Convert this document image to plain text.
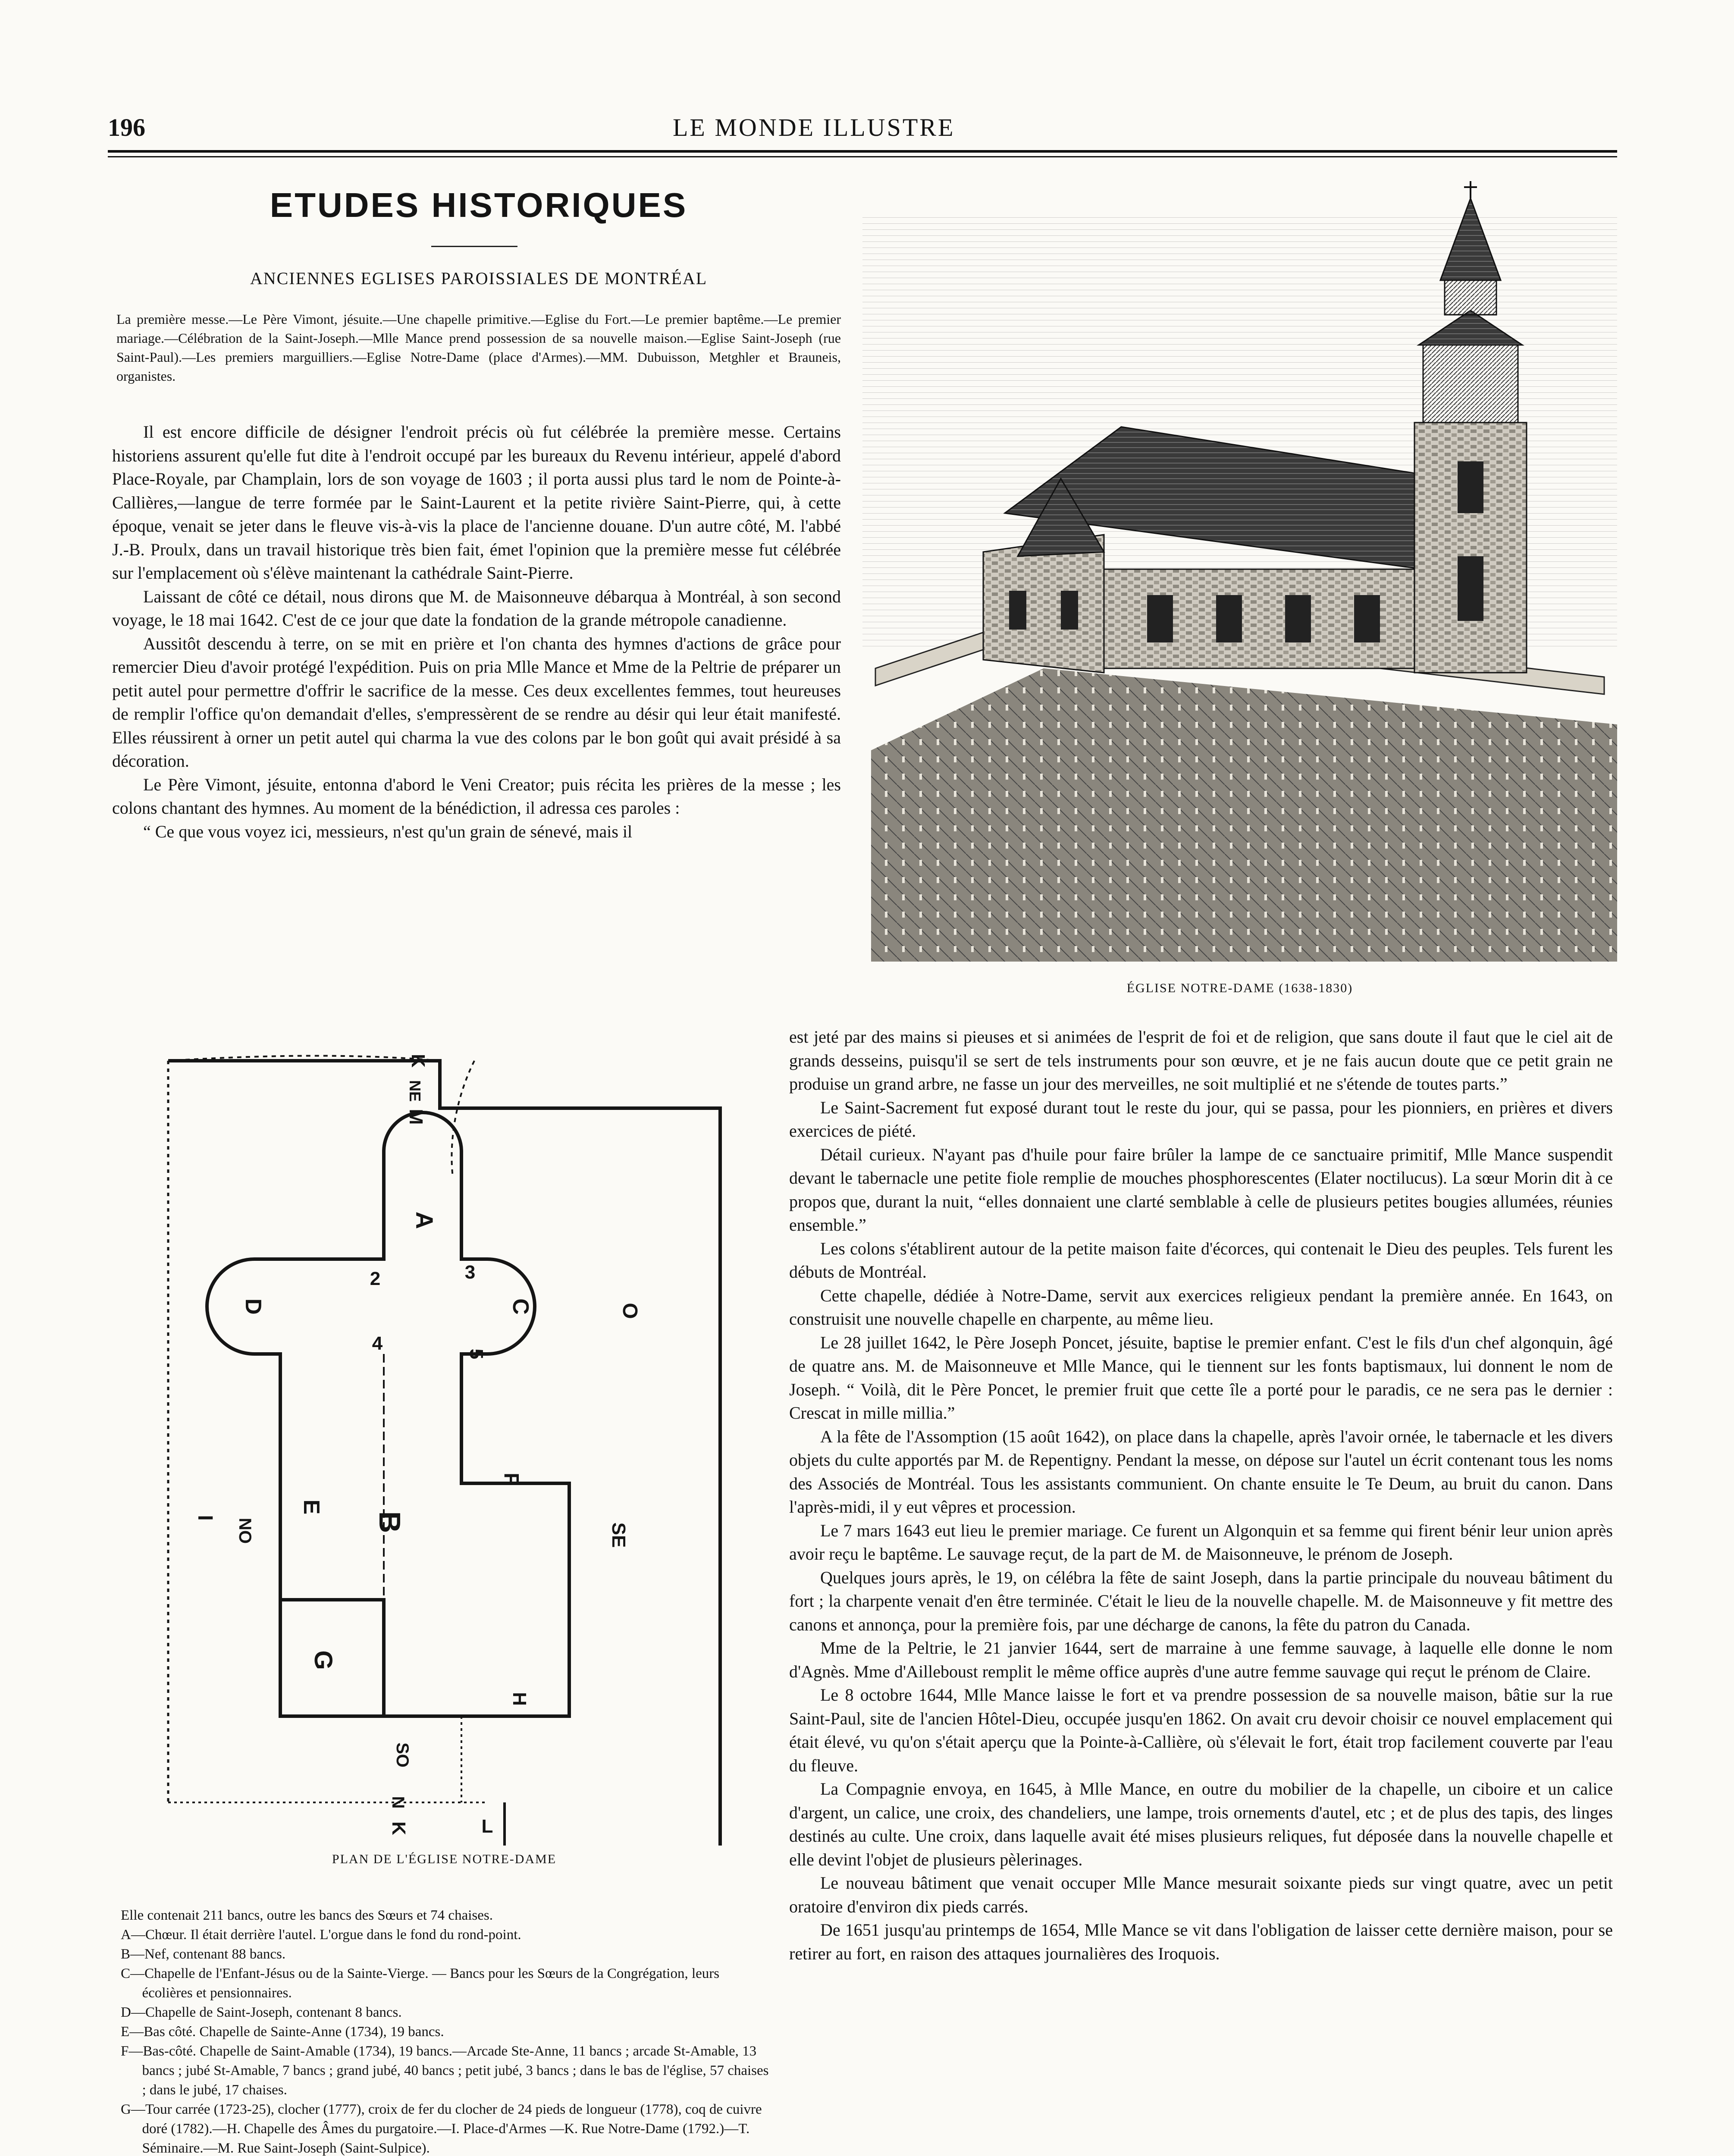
196	LE MONDE ILLUSTRE
ETUDES HISTORIQUES
ANCIENNES EGLISES PAROISSIALES DE MONTRÉAL
La première messe.—Le Père Vimont, jésuite.—Une chapelle primitive.—Eglise du Fort.—Le premier baptême.—Le premier mariage.—Célébration de la Saint-Joseph.—Mlle Mance prend possession de sa nouvelle maison.—Eglise Saint-Joseph (rue Saint-Paul).—Les premiers marguilliers.—Eglise Notre-Dame (place d'Armes).—MM. Dubuisson, Metghler et Brauneis, organistes.

Il est encore difficile de désigner l'endroit précis où fut célébrée la première messe. Certains historiens assurent qu'elle fut dite à l'endroit occupé par les bureaux du Revenu intérieur, appelé d'abord Place-Royale, par Champlain, lors de son voyage de 1603 ; il porta aussi plus tard le nom de Pointe-à-Callières,—langue de terre formée par le Saint-Laurent et la petite rivière Saint-Pierre, qui, à cette époque, venait se jeter dans le fleuve vis-à-vis la place de l'ancienne douane. D'un autre côté, M. l'abbé J.-B. Proulx, dans un travail historique très bien fait, émet l'opinion que la première messe fut célébrée sur l'emplacement où s'élève maintenant la cathédrale Saint-Pierre.

Laissant de côté ce détail, nous dirons que M. de Maisonneuve débarqua à Montréal, à son second voyage, le 18 mai 1642. C'est de ce jour que date la fondation de la grande métropole canadienne.

Aussitôt descendu à terre, on se mit en prière et l'on chanta des hymnes d'actions de grâce pour remercier Dieu d'avoir protégé l'expédition. Puis on pria Mlle Mance et Mme de la Peltrie de préparer un petit autel pour permettre d'offrir le sacrifice de la messe. Ces deux excellentes femmes, tout heureuses de remplir l'office qu'on demandait d'elles, s'empressèrent de se rendre au désir qui leur était manifesté. Elles réussirent à orner un petit autel qui charma la vue des colons par le bon goût qui avait présidé à sa décoration.

Le Père Vimont, jésuite, entonna d'abord le Veni Creator; puis récita les prières de la messe ; les colons chantant des hymnes. Au moment de la bénédiction, il adressa ces paroles :

“ Ce que vous voyez ici, messieurs, n'est qu'un grain de sénevé, mais il

ÉGLISE NOTRE-DAME (1638-1830)
A
B
C
G
D
E
F
H
I
M
K
K	L
O
SE
SO
NO
NE
N
2	3
4	5
PLAN DE L'ÉGLISE NOTRE-DAME

Elle contenait 211 bancs, outre les bancs des Sœurs et 74 chaises.

A—Chœur. Il était derrière l'autel. L'orgue dans le fond du rond-point.

B—Nef, contenant 88 bancs.

C—Chapelle de l'Enfant-Jésus ou de la Sainte-Vierge. — Bancs pour les Sœurs de la Congrégation, leurs écolières et pensionnaires.

D—Chapelle de Saint-Joseph, contenant 8 bancs.

E—Bas côté. Chapelle de Sainte-Anne (1734), 19 bancs.

F—Bas-côté. Chapelle de Saint-Amable (1734), 19 bancs.—Arcade Ste-Anne, 11 bancs ; arcade St-Amable, 13 bancs ; jubé St-Amable, 7 bancs ; grand jubé, 40 bancs ; petit jubé, 3 bancs ; dans le bas de l'église, 57 chaises ; dans le jubé, 17 chaises.

G—Tour carrée (1723-25), clocher (1777), croix de fer du clocher de 24 pieds de longueur (1778), coq de cuivre doré (1782).—H. Chapelle des Âmes du purgatoire.—I. Place-d'Armes —K. Rue Notre-Dame (1792.)—T. Séminaire.—M. Rue Saint-Joseph (Saint-Sulpice).

est jeté par des mains si pieuses et si animées de l'esprit de foi et de religion, que sans doute il faut que le ciel ait de grands desseins, puisqu'il se sert de tels instruments pour son œuvre, et je ne fais aucun doute que ce petit grain ne produise un grand arbre, ne fasse un jour des merveilles, ne soit multiplié et ne s'étende de toutes parts.”

Le Saint-Sacrement fut exposé durant tout le reste du jour, qui se passa, pour les pionniers, en prières et divers exercices de piété.

Détail curieux. N'ayant pas d'huile pour faire brûler la lampe de ce sanctuaire primitif, Mlle Mance suspendit devant le tabernacle une petite fiole remplie de mouches phosphorescentes (Elater noctilucus). La sœur Morin dit à ce propos que, durant la nuit, “elles donnaient une clarté semblable à celle de plusieurs petites bougies allumées, réunies ensemble.”

Les colons s'établirent autour de la petite maison faite d'écorces, qui contenait le Dieu des peuples. Tels furent les débuts de Montréal.

Cette chapelle, dédiée à Notre-Dame, servit aux exercices religieux pendant la première année. En 1643, on construisit une nouvelle chapelle en charpente, au même lieu.

Le 28 juillet 1642, le Père Joseph Poncet, jésuite, baptise le premier enfant. C'est le fils d'un chef algonquin, âgé de quatre ans. M. de Maisonneuve et Mlle Mance, qui le tiennent sur les fonts baptismaux, lui donnent le nom de Joseph. “ Voilà, dit le Père Poncet, le premier fruit que cette île a porté pour le paradis, ce ne sera pas le dernier : Crescat in mille millia.”

A la fête de l'Assomption (15 août 1642), on place dans la chapelle, après l'avoir ornée, le tabernacle et les divers objets du culte apportés par M. de Repentigny. Pendant la messe, on dépose sur l'autel un écrit contenant tous les noms des Associés de Montréal. Tous les assistants communient. On chante ensuite le Te Deum, au bruit du canon. Dans l'après-midi, il y eut vêpres et procession.

Le 7 mars 1643 eut lieu le premier mariage. Ce furent un Algonquin et sa femme qui firent bénir leur union après avoir reçu le baptême. Le sauvage reçut, de la part de M. de Maisonneuve, le prénom de Joseph.

Quelques jours après, le 19, on célébra la fête de saint Joseph, dans la partie principale du nouveau bâtiment du fort ; la charpente venait d'en être terminée. C'était le lieu de la nouvelle chapelle. M. de Maisonneuve y fit mettre des canons et annonça, pour la première fois, par une décharge de canons, la fête du patron du Canada.

Mme de la Peltrie, le 21 janvier 1644, sert de marraine à une femme sauvage, à laquelle elle donne le nom d'Agnès. Mme d'Ailleboust remplit le même office auprès d'une autre femme sauvage qui reçut le prénom de Claire.

Le 8 octobre 1644, Mlle Mance laisse le fort et va prendre possession de sa nouvelle maison, bâtie sur la rue Saint-Paul, site de l'ancien Hôtel-Dieu, occupée jusqu'en 1862. On avait cru devoir choisir ce nouvel emplacement qui était élevé, vu qu'on s'était aperçu que la Pointe-à-Callière, où s'élevait le fort, était trop facilement couverte par l'eau du fleuve.

La Compagnie envoya, en 1645, à Mlle Mance, en outre du mobilier de la chapelle, un ciboire et un calice d'argent, un calice, une croix, des chandeliers, une lampe, trois ornements d'autel, etc ; et de plus des tapis, des linges destinés au culte. Une croix, dans laquelle avait été mises plusieurs reliques, fut déposée dans la nouvelle chapelle et elle devint l'objet de plusieurs pèlerinages.

Le nouveau bâtiment que venait occuper Mlle Mance mesurait soixante pieds sur vingt quatre, avec un petit oratoire d'environ dix pieds carrés.

De 1651 jusqu'au printemps de 1654, Mlle Mance se vit dans l'obligation de laisser cette dernière maison, pour se retirer au fort, en raison des attaques journalières des Iroquois.
